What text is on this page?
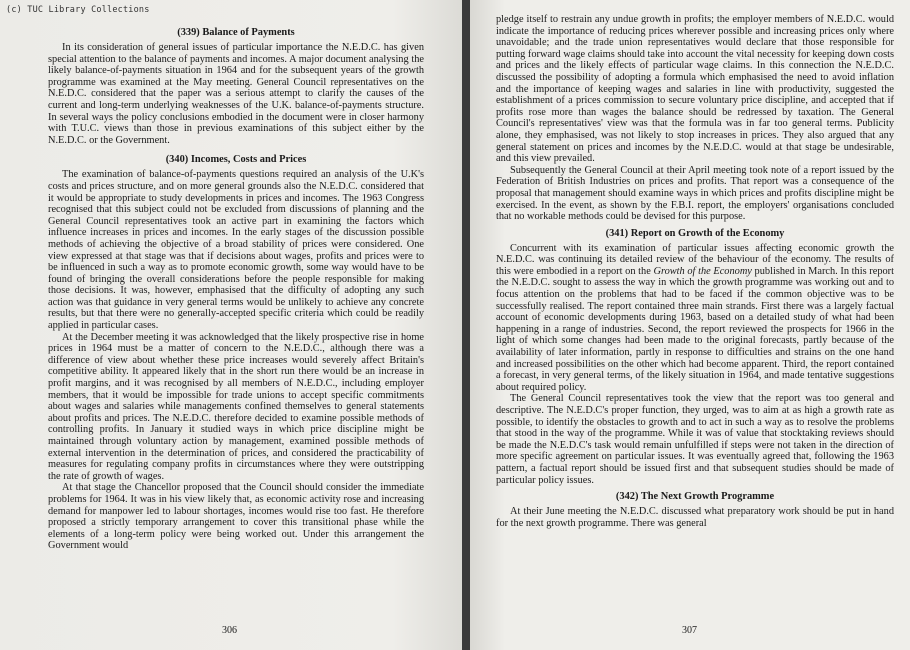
(c) TUC Library Collections
(339) Balance of Payments

In its consideration of general issues of particular importance the N.E.D.C. has given special attention to the balance of payments and incomes. A major document analysing the likely balance-of-payments situation in 1964 and for the subsequent years of the growth programme was examined at the May meeting. General Council representatives on the N.E.D.C. considered that the paper was a serious attempt to clarify the causes of the current and long-term underlying weaknesses of the U.K. balance-of-payments structure. In several ways the policy conclusions embodied in the document were in closer harmony with T.U.C. views than those in previous examinations of this subject either by the N.E.D.C. or the Government.

(340) Incomes, Costs and Prices

The examination of balance-of-payments questions required an analysis of the U.K's costs and prices structure, and on more general grounds also the N.E.D.C. considered that it would be appropriate to study developments in prices and incomes. The 1963 Congress recognised that this subject could not be excluded from discussions of planning and the General Council representatives took an active part in examining the factors which influence increases in prices and incomes. In the early stages of the discussion possible methods of achieving the objective of a broad stability of prices were considered. One view expressed at that stage was that if decisions about wages, profits and prices were to be influenced in such a way as to promote economic growth, some way would have to be found of bringing the overall considerations before the people responsible for making those decisions. It was, however, emphasised that the difficulty of adopting any such action was that guidance in very general terms would be unlikely to achieve any concrete results, but that there were no generally-accepted specific criteria which could be readily applied in particular cases.

At the December meeting it was acknowledged that the likely prospective rise in home prices in 1964 must be a matter of concern to the N.E.D.C., although there was a difference of view about whether these price increases would severely affect Britain's competitive ability. It appeared likely that in the short run there would be an increase in profit margins, and it was recognised by all members of N.E.D.C., including employer members, that it would be impossible for trade unions to accept specific commitments about wages and salaries while managements confined themselves to general statements about profits and prices. The N.E.D.C. therefore decided to examine possible methods of controlling profits. In January it studied ways in which price discipline might be maintained through voluntary action by management, examined possible methods of external intervention in the determination of prices, and considered the practicability of measures for regulating company profits in circumstances where they were outstripping the rate of growth of wages.

At that stage the Chancellor proposed that the Council should consider the immediate problems for 1964. It was in his view likely that, as economic activity rose and increasing demand for manpower led to labour shortages, incomes would rise too fast. He therefore proposed a strictly temporary arrangement to cover this transitional phase while the elements of a long-term policy were being worked out. Under this arrangement the Government would

306

pledge itself to restrain any undue growth in profits; the employer members of N.E.D.C. would indicate the importance of reducing prices wherever possible and increasing prices only where unavoidable; and the trade union representatives would declare that those responsible for putting forward wage claims should take into account the vital necessity for keeping down costs and prices and the likely effects of particular wage claims. In this connection the N.E.D.C. discussed the possibility of adopting a formula which emphasised the need to avoid inflation and the importance of keeping wages and salaries in line with productivity, suggested the establishment of a prices commission to secure voluntary price discipline, and accepted that if profits rose more than wages the balance should be redressed by taxation. The General Council's representatives' view was that the formula was in far too general terms. Publicity alone, they emphasised, was not likely to stop increases in prices. They also argued that any general statement on prices and incomes by the N.E.D.C. would at that stage be undesirable, and this view prevailed.

Subsequently the General Council at their April meeting took note of a report issued by the Federation of British Industries on prices and profits. That report was a consequence of the proposal that management should examine ways in which prices and profits discipline might be exercised. In the event, as shown by the F.B.I. report, the employers' organisations concluded that no workable methods could be devised for this purpose.

(341) Report on Growth of the Economy

Concurrent with its examination of particular issues affecting economic growth the N.E.D.C. was continuing its detailed review of the behaviour of the economy. The results of this were embodied in a report on the Growth of the Economy published in March. In this report the N.E.D.C. sought to assess the way in which the growth programme was working out and to focus attention on the problems that had to be faced if the common objective was to be successfully realised. The report contained three main strands. First there was a largely factual account of economic developments during 1963, based on a detailed study of what had been happening in a range of industries. Second, the report reviewed the prospects for 1966 in the light of which some changes had been made to the original forecasts, partly because of the availability of later information, partly in response to difficulties and strains on the one hand and increased possibilities on the other which had become apparent. Third, the report contained a forecast, in very general terms, of the likely situation in 1964, and made tentative suggestions about required policy.

The General Council representatives took the view that the report was too general and descriptive. The N.E.D.C's proper function, they urged, was to aim at as high a growth rate as possible, to identify the obstacles to growth and to act in such a way as to resolve the problems that stood in the way of the programme. While it was of value that stocktaking reviews should be made the N.E.D.C's task would remain unfulfilled if steps were not taken in the direction of more specific agreement on particular issues. It was eventually agreed that, following the 1963 pattern, a factual report should be issued first and that subsequent studies should be made of particular policy issues.

(342) The Next Growth Programme

At their June meeting the N.E.D.C. discussed what preparatory work should be put in hand for the next growth programme. There was general

307
